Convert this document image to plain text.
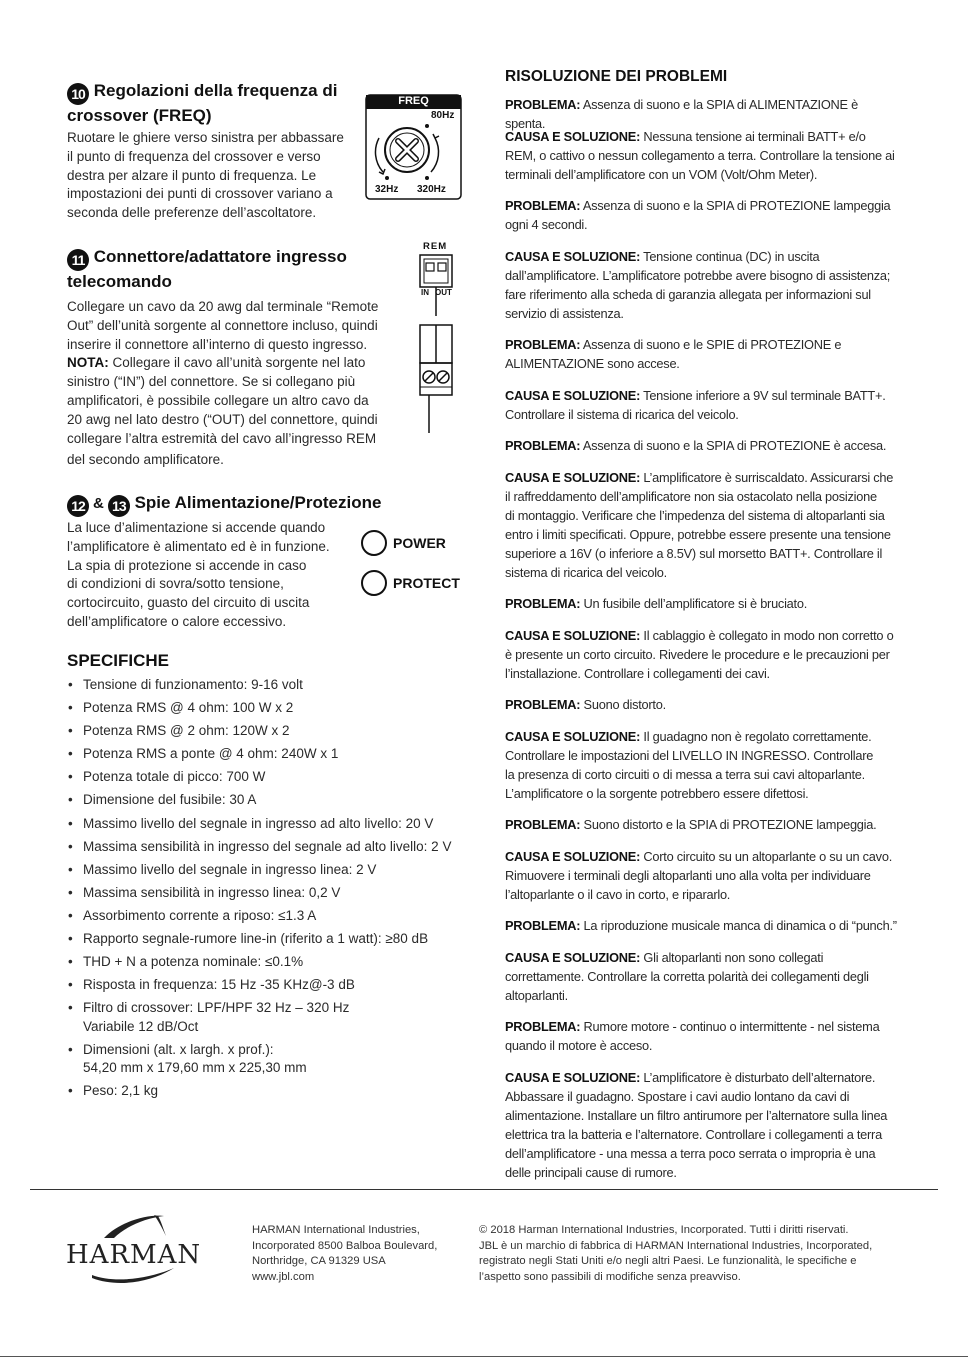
10 Regolazioni della frequenza di
crossover (FREQ)
Ruotare le ghiere verso sinistra per abbassare
il punto di frequenza del crossover e verso
destra per alzare il punto di frequenza. Le
impostazioni dei punti di crossover variano a
seconda delle preferenze dell’ascoltatore.
FREQ
80Hz
32Hz 320Hz
11 Connettore/adattatore ingresso
telecomando
Collegare un cavo da 20 awg dal terminale “Remote
Out” dell’unità sorgente al connettore incluso, quindi
inserire il connettore all’interno di questo ingresso.
NOTA: Collegare il cavo all’unità sorgente nel lato
sinistro (“IN”) del connettore. Se si collegano più
amplificatori, è possibile collegare un altro cavo da
20 awg nel lato destro (“OUT) del connettore, quindi
collegare l’altra estremità del cavo all’ingresso REM
del secondo amplificatore.
REM
IN OUT
12 & 13 Spie Alimentazione/Protezione
La luce d’alimentazione si accende quando
l’amplificatore è alimentato ed è in funzione.
La spia di protezione si accende in caso
di condizioni di sovra/sotto tensione,
cortocircuito, guasto del circuito di uscita
dell’amplificatore o calore eccessivo.
POWER
PROTECT
SPECIFICHE
• Tensione di funzionamento: 9-16 volt
• Potenza RMS @ 4 ohm: 100 W x 2
• Potenza RMS @ 2 ohm: 120W x 2
• Potenza RMS a ponte @ 4 ohm: 240W x 1
• Potenza totale di picco: 700 W
• Dimensione del fusibile: 30 A
• Massimo livello del segnale in ingresso ad alto livello: 20 V
• Massima sensibilità in ingresso del segnale ad alto livello: 2 V
• Massimo livello del segnale in ingresso linea: 2 V
• Massima sensibilità in ingresso linea: 0,2 V
• Assorbimento corrente a riposo: ≤1.3 A
• Rapporto segnale-rumore line-in (riferito a 1 watt): ≥80 dB
• THD + N a potenza nominale: ≤0.1%
• Risposta in frequenza: 15 Hz -35 KHz@-3 dB
• Filtro di crossover: LPF/HPF 32 Hz – 320 Hz
Variabile 12 dB/Oct
• Dimensioni (alt. x largh. x prof.):
54,20 mm x 179,60 mm x 225,30 mm
• Peso: 2,1 kg
RISOLUZIONE DEI PROBLEMI
PROBLEMA: Assenza di suono e la SPIA di ALIMENTAZIONE è spenta.
CAUSA E SOLUZIONE: Nessuna tensione ai terminali BATT+ e/o
REM, o cattivo o nessun collegamento a terra. Controllare la tensione ai
terminali dell’amplificatore con un VOM (Volt/Ohm Meter).
PROBLEMA: Assenza di suono e la SPIA di PROTEZIONE lampeggia
ogni 4 secondi.
CAUSA E SOLUZIONE: Tensione continua (DC) in uscita
dall’amplificatore. L’amplificatore potrebbe avere bisogno di assistenza;
fare riferimento alla scheda di garanzia allegata per informazioni sul
servizio di assistenza.
PROBLEMA: Assenza di suono e le SPIE di PROTEZIONE e
ALIMENTAZIONE sono accese.
CAUSA E SOLUZIONE: Tensione inferiore a 9V sul terminale BATT+.
Controllare il sistema di ricarica del veicolo.
PROBLEMA: Assenza di suono e la SPIA di PROTEZIONE è accesa.
CAUSA E SOLUZIONE: L’amplificatore è surriscaldato. Assicurarsi che
il raffreddamento dell’amplificatore non sia ostacolato nella posizione
di montaggio. Verificare che l’impedenza del sistema di altoparlanti sia
entro i limiti specificati. Oppure, potrebbe essere presente una tensione
superiore a 16V (o inferiore a 8.5V) sul morsetto BATT+. Controllare il
sistema di ricarica del veicolo.
PROBLEMA: Un fusibile dell’amplificatore si è bruciato.
CAUSA E SOLUZIONE: Il cablaggio è collegato in modo non corretto o
è presente un corto circuito. Rivedere le procedure e le precauzioni per
l’installazione. Controllare i collegamenti dei cavi.
PROBLEMA: Suono distorto.
CAUSA E SOLUZIONE: Il guadagno non è regolato correttamente.
Controllare le impostazioni del LIVELLO IN INGRESSO. Controllare
la presenza di corto circuiti o di messa a terra sui cavi altoparlante.
L’amplificatore o la sorgente potrebbero essere difettosi.
PROBLEMA: Suono distorto e la SPIA di PROTEZIONE lampeggia.
CAUSA E SOLUZIONE: Corto circuito su un altoparlante o su un cavo.
Rimuovere i terminali degli altoparlanti uno alla volta per individuare
l’altoparlante o il cavo in corto, e ripararlo.
PROBLEMA: La riproduzione musicale manca di dinamica o di “punch.”
CAUSA E SOLUZIONE: Gli altoparlanti non sono collegati
correttamente. Controllare la corretta polarità dei collegamenti degli
altoparlanti.
PROBLEMA: Rumore motore - continuo o intermittente - nel sistema
quando il motore è acceso.
CAUSA E SOLUZIONE: L’amplificatore è disturbato dell’alternatore.
Abbassare il guadagno. Spostare i cavi audio lontano da cavi di
alimentazione. Installare un filtro antirumore per l’alternatore sulla linea
elettrica tra la batteria e l’alternatore. Controllare i collegamenti a terra
dell’amplificatore - una messa a terra poco serrata o impropria è una
delle principali cause di rumore.
HARMAN
HARMAN International Industries,
Incorporated 8500 Balboa Boulevard,
Northridge, CA 91329 USA
www.jbl.com
© 2018 Harman International Industries, Incorporated. Tutti i diritti riservati.
JBL è un marchio di fabbrica di HARMAN International Industries, Incorporated,
registrato negli Stati Uniti e/o negli altri Paesi. Le funzionalità, le specifiche e
l’aspetto sono passibili di modifiche senza preavviso.
